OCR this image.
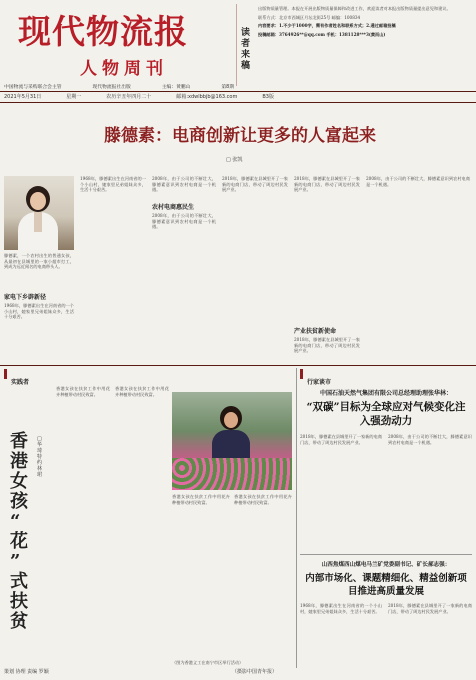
现代物流报
人物周刊
读 者 来 稿
出版物质量管理。本报在开展出版物质量保障和改进工作，欢迎读者对本报出版物质量提出意见和建议。
联系方式：北京市西城区月坛北街25号 邮编：100834
内容要求：1.不少于1000字，需有作者姓名和联系方式；2.通过邮箱投稿
投稿邮箱：3764926**@qq.com 手机：1381128***3(黄而山)
中国物流与采购联合会主管	现代物流报社出版	主编：黄鹏山	第8期
2021年5月31日	星期一	农历辛丑年四月二十	邮箱:xdwlbbjb@163.com	B3版
滕德素：电商创新让更多的人富起来
□ 张凯
滕德素，一个农村出生的普通女孩，从最初在县城里的一家小超市打工，到成为远近闻名的电商带头人。
家电下乡辟新径
1968年，滕德素出生在河南省的一个小山村，她家里兄弟姐妹众多，生活十分艰苦。
1968年，滕德素出生在河南省的一个小山村，她家里兄弟姐妹众多，生活十分艰苦。
2008年，由于公司的不断壮大，滕德素意识到农村电商是一个机遇。
农村电商惠民生
2008年，由于公司的不断壮大，滕德素意识到农村电商是一个机遇。
2018年，滕德素在县城里开了一家新的电商门店，带动了周边村民发展产业。
2018年，滕德素在县城里开了一家新的电商门店，带动了周边村民发展产业。
产业扶贫新使命
2018年，滕德素在县城里开了一家新的电商门店，带动了周边村民发展产业。
2008年，由于公司的不断壮大，滕德素意识到农村电商是一个机遇。
实践者
香港女孩“花”式扶贫
□ 华琦 特约 林珺
香港女孩在扶贫工作中用花卉种植带动村民致富。
香港女孩在扶贫工作中用花卉种植带动村民致富。
香港女孩在扶贫工作中用花卉种植带动村民致富。
香港女孩在扶贫工作中用花卉种植带动村民致富。
（图为香港义工在南宁市区举行活动）
行家谈市
中国石油天然气集团有限公司总经理助理张华林：
“双碳”目标为全球应对气候变化注入强劲动力
2018年，滕德素在县城里开了一家新的电商门店，带动了周边村民发展产业。
2008年，由于公司的不断壮大，滕德素意识到农村电商是一个机遇。
山西焦煤西山煤电马兰矿党委副书记、矿长郝志强：
内部市场化、课题精细化、精益创新项目推进高质量发展
1968年，滕德素出生在河南省的一个小山村，她家里兄弟姐妹众多，生活十分艰苦。
2018年，滕德素在县城里开了一家新的电商门店，带动了周边村民发展产业。
策划 协理 责编 罗颖	（摄影中国青年报）
